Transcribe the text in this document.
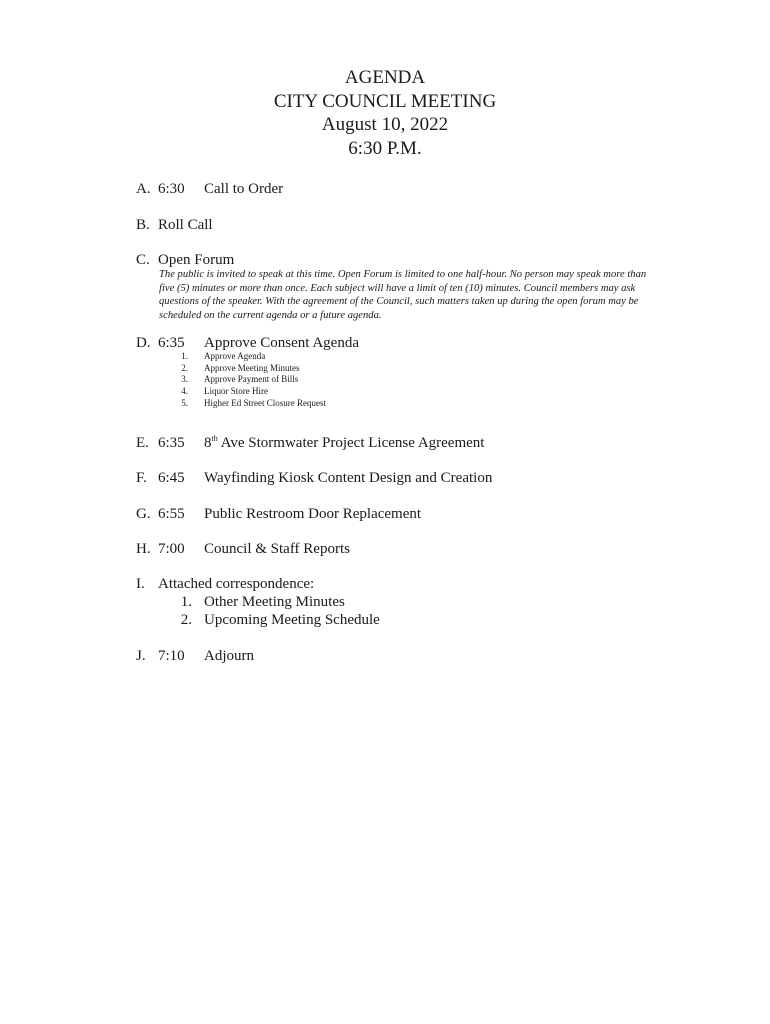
AGENDA
CITY COUNCIL MEETING
August 10, 2022
6:30 P.M.
A. 6:30 Call to Order
B. Roll Call
C. Open Forum
The public is invited to speak at this time. Open Forum is limited to one half-hour. No person may speak more than five (5) minutes or more than once. Each subject will have a limit of ten (10) minutes. Council members may ask questions of the speaker. With the agreement of the Council, such matters taken up during the open forum may be scheduled on the current agenda or a future agenda.
D. 6:35 Approve Consent Agenda
1. Approve Agenda
2. Approve Meeting Minutes
3. Approve Payment of Bills
4. Liquor Store Hire
5. Higher Ed Street Closure Request
E. 6:35 8th Ave Stormwater Project License Agreement
F. 6:45 Wayfinding Kiosk Content Design and Creation
G. 6:55 Public Restroom Door Replacement
H. 7:00 Council & Staff Reports
I. Attached correspondence:
1. Other Meeting Minutes
2. Upcoming Meeting Schedule
J. 7:10 Adjourn
